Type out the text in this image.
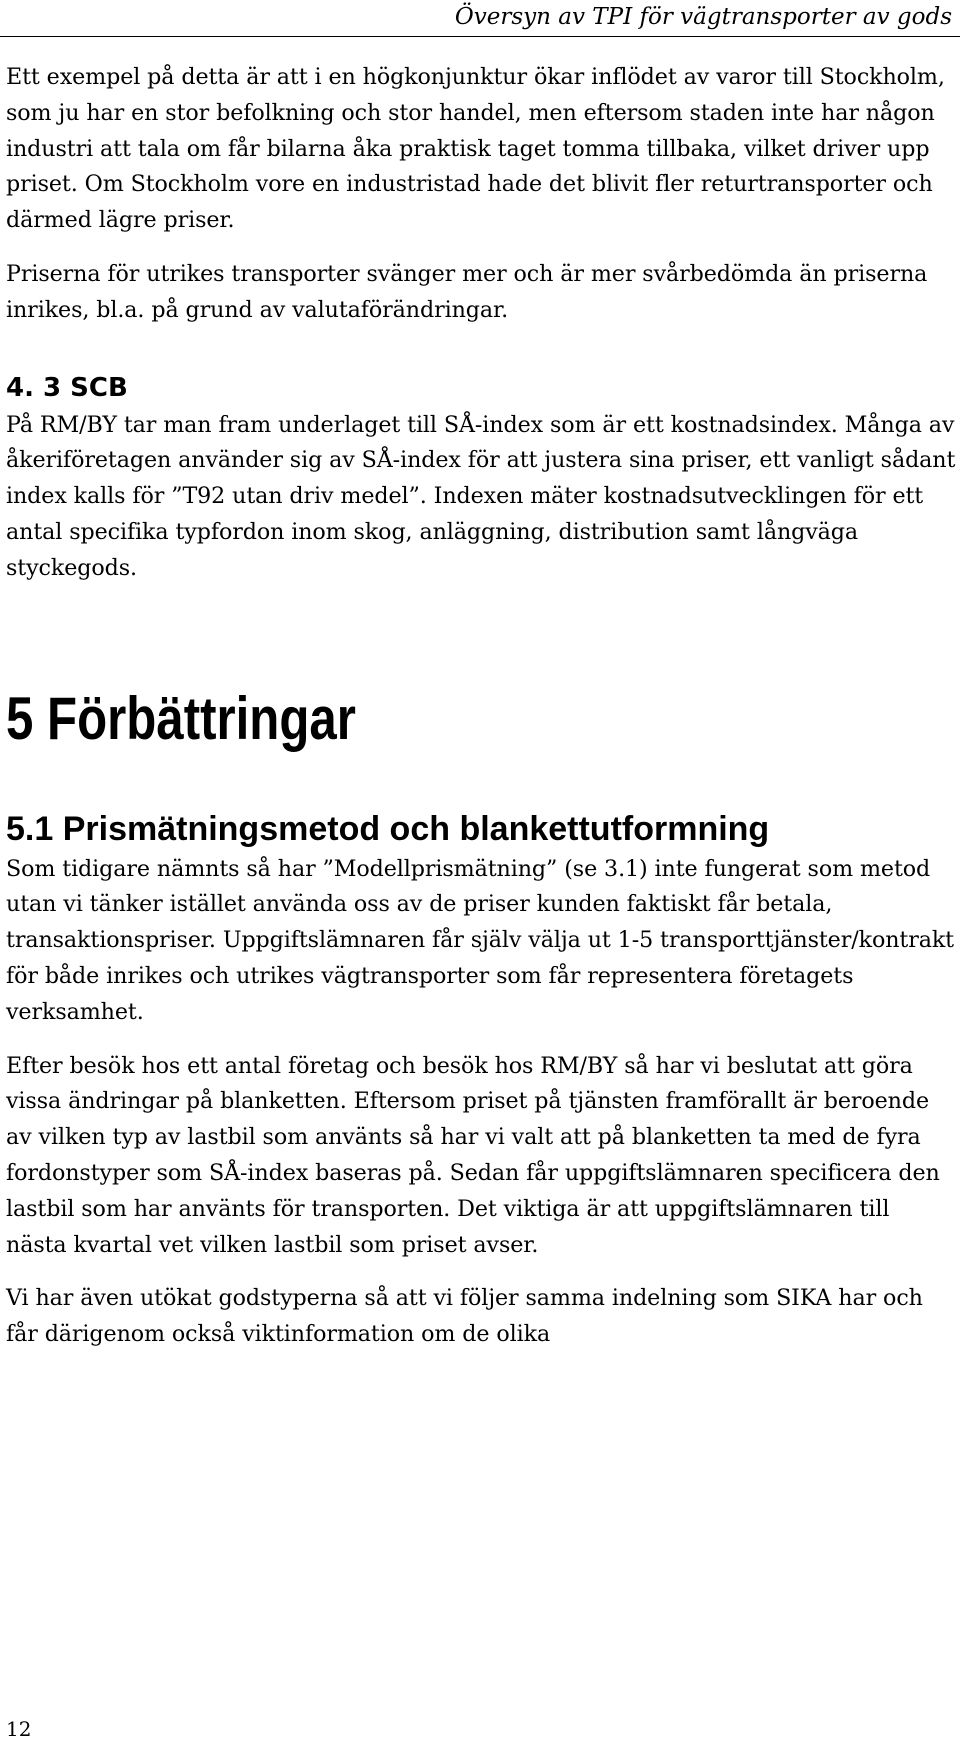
Översyn av TPI för vägtransporter av gods

Ett exempel på detta är att i en högkonjunktur ökar inflödet av varor till Stockholm, som ju har en stor befolkning och stor handel, men eftersom staden inte har någon industri att tala om får bilarna åka praktisk taget tomma tillbaka, vilket driver upp priset. Om Stockholm vore en industristad hade det blivit fler returtransporter och därmed lägre priser.

Priserna för utrikes transporter svänger mer och är mer svårbedömda än priserna inrikes, bl.a. på grund av valutaförändringar.

4. 3 SCB

På RM/BY tar man fram underlaget till SÅ-index som är ett kostnadsindex. Många av åkeriföretagen använder sig av SÅ-index för att justera sina priser, ett vanligt sådant index kalls för ”T92 utan driv medel”. Indexen mäter kostnadsutvecklingen för ett antal specifika typfordon inom skog, anläggning, distribution samt långväga styckegods.

5 Förbättringar
5.1 Prismätningsmetod och blankettutformning

Som tidigare nämnts så har ”Modellprismätning” (se 3.1) inte fungerat som metod utan vi tänker istället använda oss av de priser kunden faktiskt får betala, transaktionspriser. Uppgiftslämnaren får själv välja ut 1-5 transporttjänster/kontrakt för både inrikes och utrikes vägtransporter som får representera företagets verksamhet.

Efter besök hos ett antal företag och besök hos RM/BY så har vi beslutat att göra vissa ändringar på blanketten. Eftersom priset på tjänsten framförallt är beroende av vilken typ av lastbil som använts så har vi valt att på blanketten ta med de fyra fordonstyper som SÅ-index baseras på. Sedan får uppgiftslämnaren specificera den lastbil som har använts för transporten. Det viktiga är att uppgiftslämnaren till nästa kvartal vet vilken lastbil som priset avser.

Vi har även utökat godstyperna så att vi följer samma indelning som SIKA har och får därigenom också viktinformation om de olika

12
